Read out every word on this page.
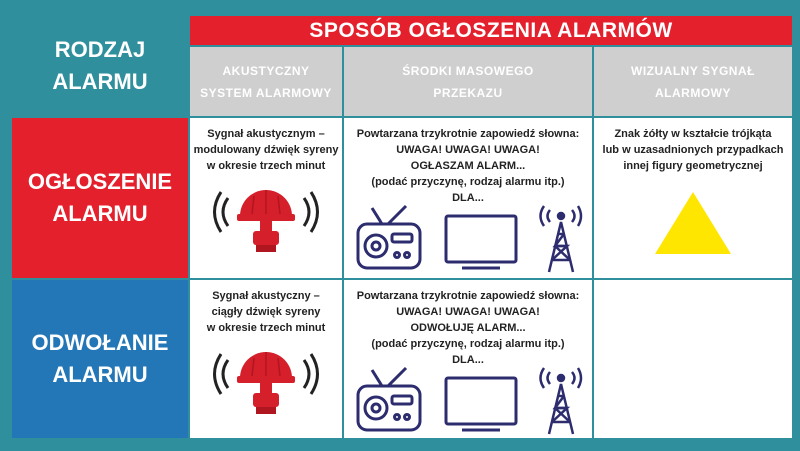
SPOSÓB OGŁOSZENIA ALARMÓW
RODZAJ
ALARMU	AKUSTYCZNY
SYSTEM ALARMOWY
ŚRODKI MASOWEGO
PRZEKAZU
WIZUALNY SYGNAŁ
ALARMOWY
OGŁOSZENIE
ALARMU
Sygnał akustycznym –
modulowany dźwięk syreny
w okresie trzech minut
Powtarzana trzykrotnie zapowiedź słowna:
UWAGA! UWAGA! UWAGA!
OGŁASZAM ALARM...
(podać przyczynę, rodzaj alarmu itp.)
DLA...
Znak żółty w kształcie trójkąta
lub w uzasadnionych przypadkach
innej figury geometrycznej
ODWOŁANIE
ALARMU
Sygnał akustyczny –
ciągły dźwięk syreny
w okresie trzech minut
Powtarzana trzykrotnie zapowiedź słowna:
UWAGA! UWAGA! UWAGA!
ODWOŁUJĘ ALARM...
(podać przyczynę, rodzaj alarmu itp.)
DLA...
